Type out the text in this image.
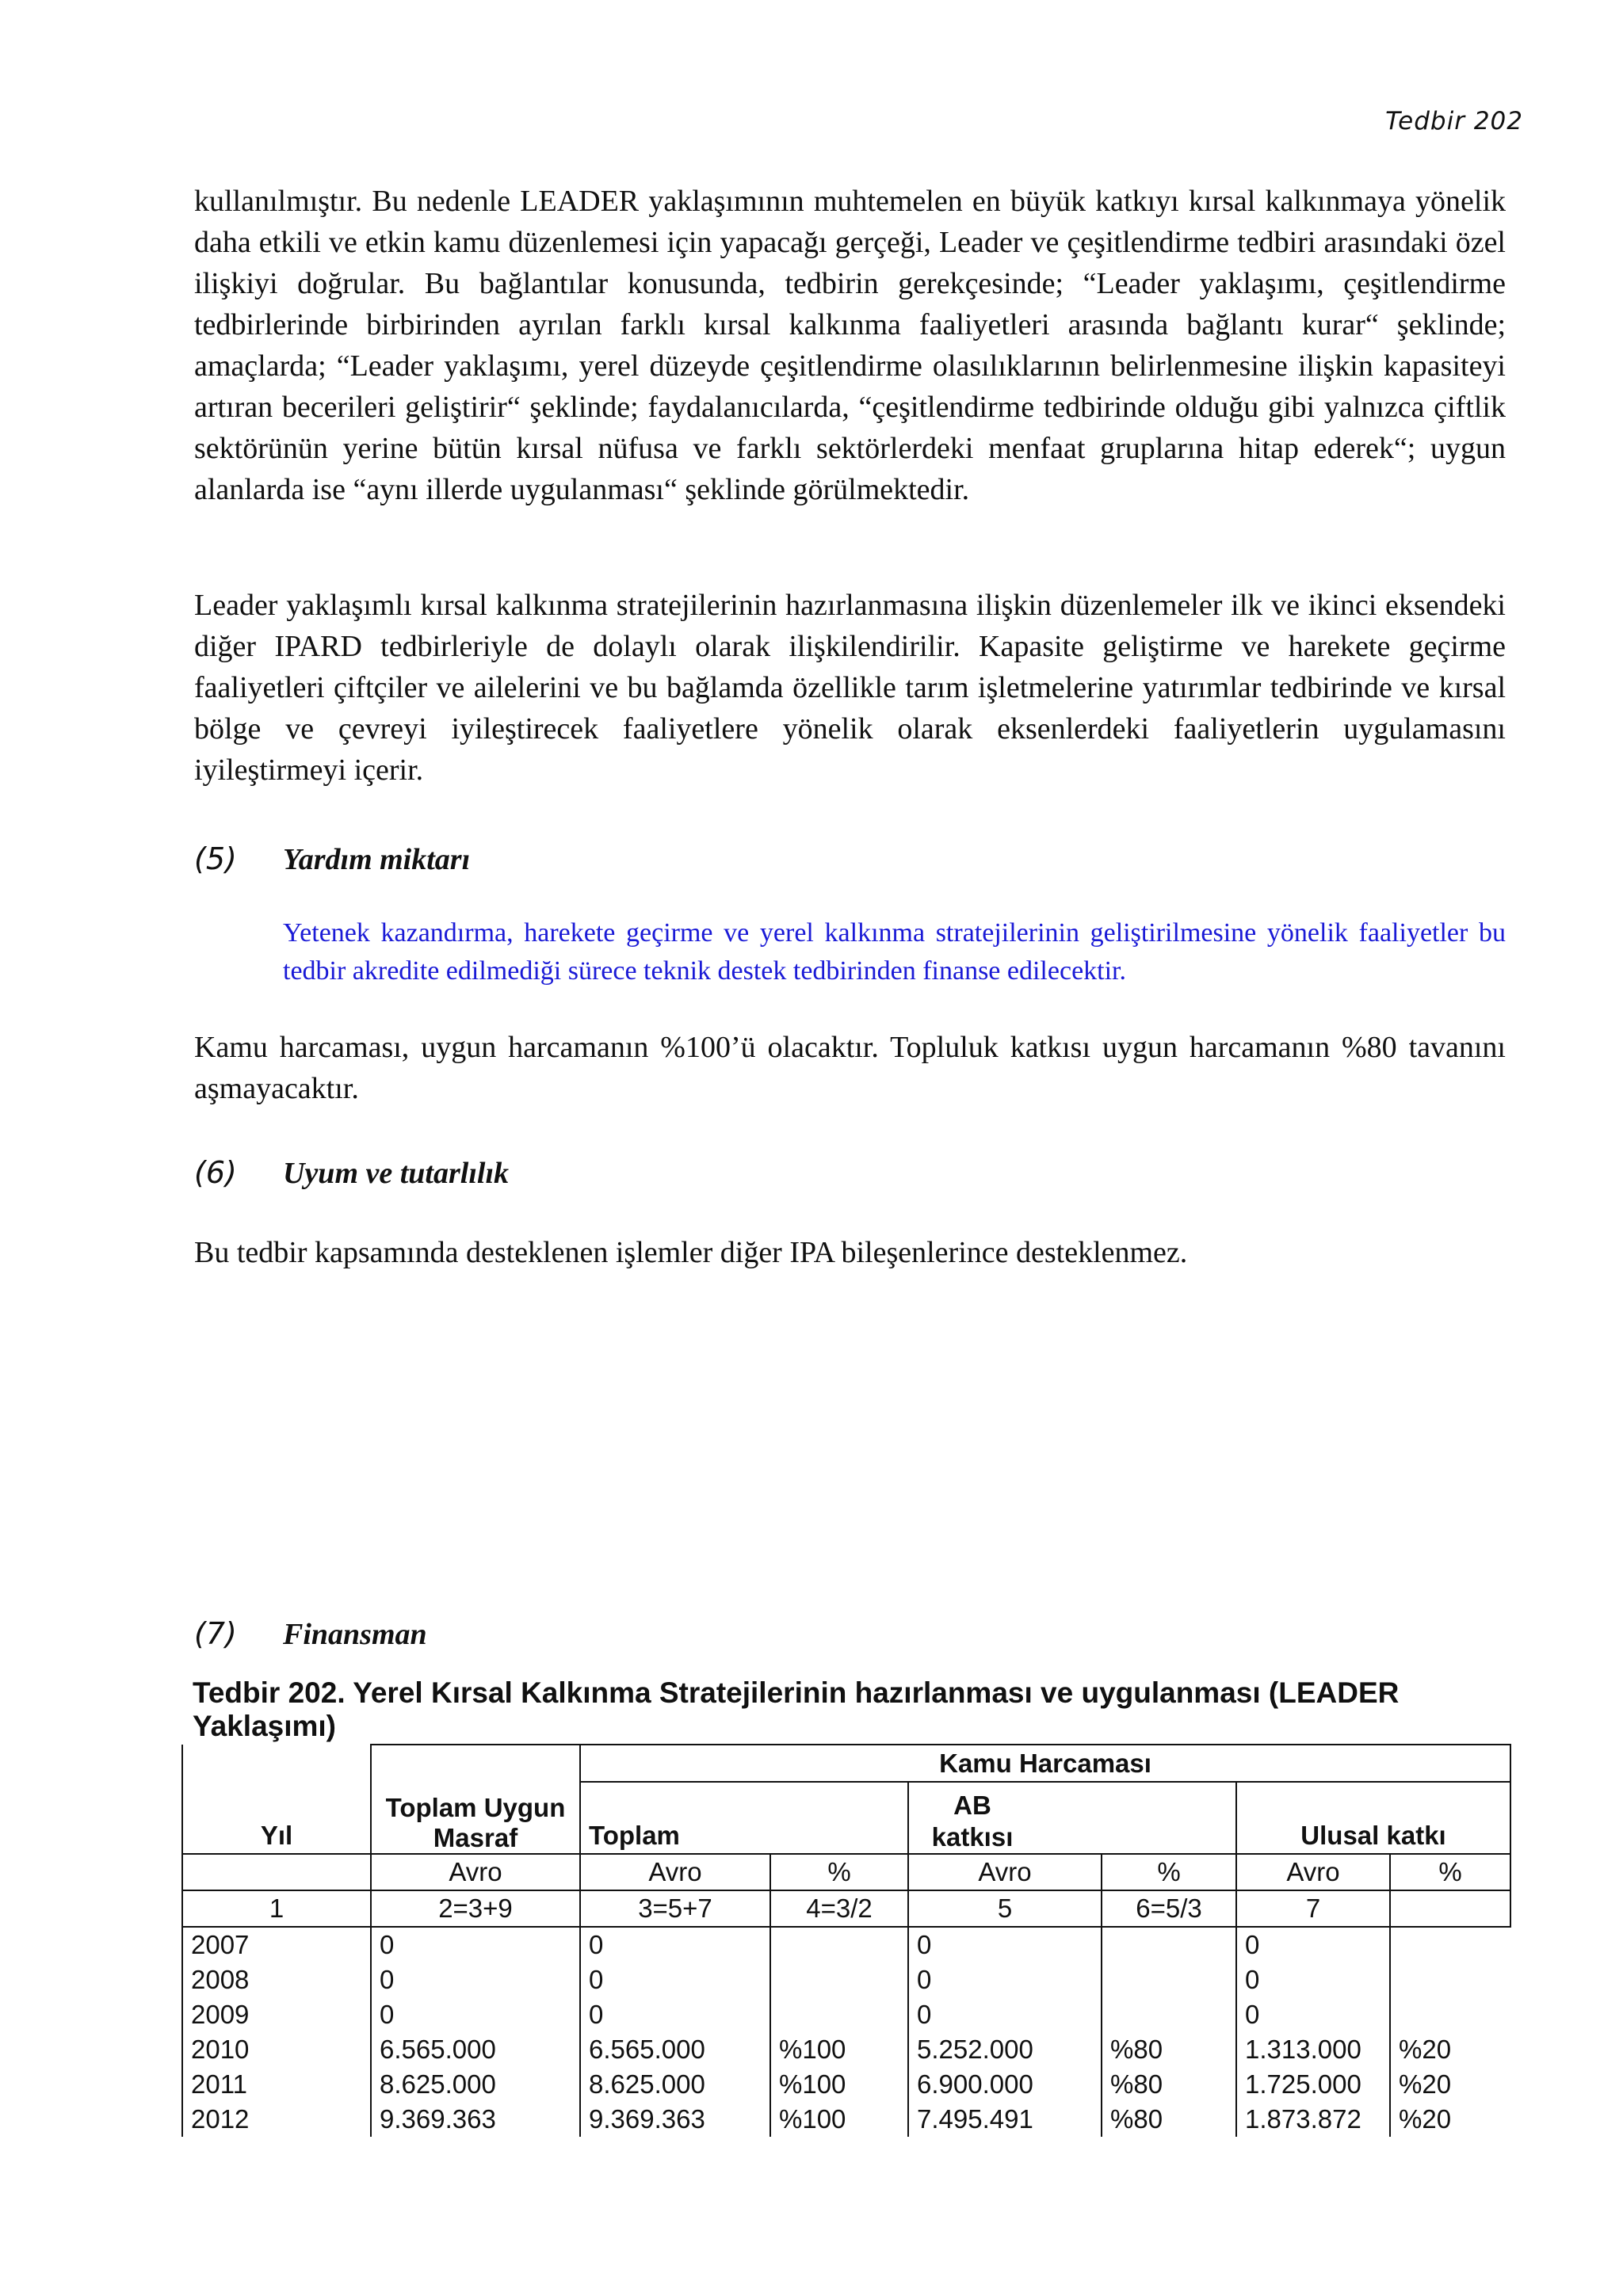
Tedbir 202

kullanılmıştır. Bu nedenle LEADER yaklaşımının muhtemelen en büyük katkıyı kırsal kalkınmaya yönelik daha etkili ve etkin kamu düzenlemesi için yapacağı gerçeği, Leader ve çeşitlendirme tedbiri arasındaki özel ilişkiyi doğrular. Bu bağlantılar konusunda, tedbirin gerekçesinde; “Leader yaklaşımı, çeşitlendirme tedbirlerinde birbirinden ayrılan farklı kırsal kalkınma faaliyetleri arasında bağlantı kurar“ şeklinde; amaçlarda; “Leader yaklaşımı, yerel düzeyde çeşitlendirme olasılıklarının belirlenmesine ilişkin kapasiteyi artıran becerileri geliştirir“ şeklinde; faydalanıcılarda, “çeşitlendirme tedbirinde olduğu gibi yalnızca çiftlik sektörünün yerine bütün kırsal nüfusa ve farklı sektörlerdeki menfaat gruplarına hitap ederek“; uygun alanlarda ise “aynı illerde uygulanması“ şeklinde görülmektedir.

Leader yaklaşımlı kırsal kalkınma stratejilerinin hazırlanmasına ilişkin düzenlemeler ilk ve ikinci eksendeki diğer IPARD tedbirleriyle de dolaylı olarak ilişkilendirilir. Kapasite geliştirme ve harekete geçirme faaliyetleri çiftçiler ve ailelerini ve bu bağlamda özellikle tarım işletmelerine yatırımlar tedbirinde ve kırsal bölge ve çevreyi iyileştirecek faaliyetlere yönelik olarak eksenlerdeki faaliyetlerin uygulamasını iyileştirmeyi içerir.

(5) Yardım miktarı

Yetenek kazandırma, harekete geçirme ve yerel kalkınma stratejilerinin geliştirilmesine yönelik faaliyetler bu tedbir akredite edilmediği sürece teknik destek tedbirinden finanse edilecektir.

Kamu harcaması, uygun harcamanın %100’ü olacaktır. Topluluk katkısı uygun harcamanın %80 tavanını aşmayacaktır.

(6) Uyum ve tutarlılık

Bu tedbir kapsamında desteklenen işlemler diğer IPA bileşenlerince desteklenmez.

(7) Finansman

Tedbir 202. Yerel Kırsal Kalkınma Stratejilerinin hazırlanması ve uygulanması (LEADER Yaklaşımı)

Yıl	Toplam Uygun Masraf	Kamu Harcaması					
		Toplam		AB katkısı		Ulusal katkı	
	Avro	Avro	%	Avro	%	Avro	%
1	2=3+9	3=5+7	4=3/2	5	6=5/3	7	
2007	0	0		0		0	
2008	0	0		0		0	
2009	0	0		0		0	
2010	6.565.000	6.565.000	%100	5.252.000	%80	1.313.000	%20
2011	8.625.000	8.625.000	%100	6.900.000	%80	1.725.000	%20
2012	9.369.363	9.369.363	%100	7.495.491	%80	1.873.872	%20
